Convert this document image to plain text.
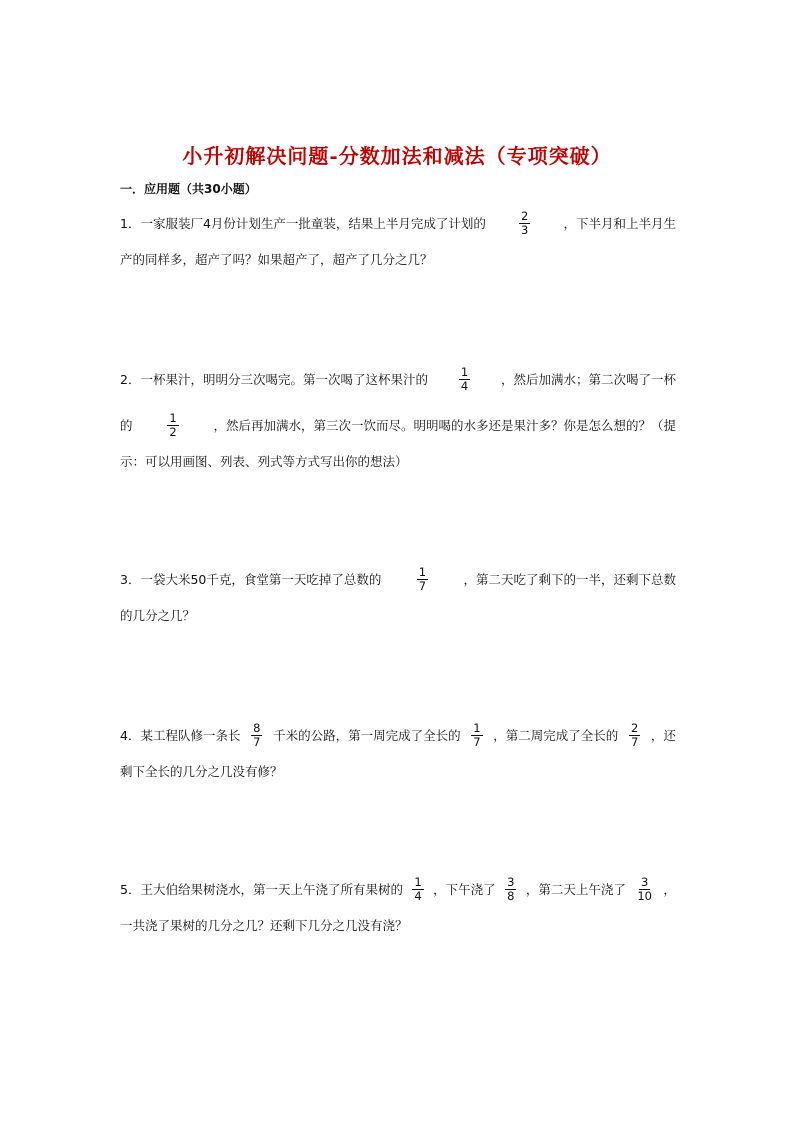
小升初解决问题-分数加法和减法（专项突破）
一．应用题（共30小题）
1．一家服装厂4月份计划生产一批童装，结果上半月完成了计划的	$\frac{2}{3}$	，下半月和上半月生
产的同样多，超产了吗？如果超产了，超产了几分之几？
2．一杯果汁，明明分三次喝完。第一次喝了这杯果汁的	$\frac{1}{4}$ ，然后加满水；第二次喝了一杯
的	$\frac{1}{2}$	，然后再加满水，第三次一饮而尽。明明喝的水多还是果汁多？你是怎么想的？（提
示：可以用画图、列表、列式等方式写出你的想法）
3．一袋大米50千克，食堂第一天吃掉了总数的	$\frac{1}{7}$	，第二天吃了剩下的一半，还剩下总数
的几分之几？
4．某工程队修一条长 $\frac{8}{7}$ 千米的公路，第一周完成了全长的 $\frac{1}{7}$ ，第二周完成了全长的 $\frac{2}{7}$ ，还
剩下全长的几分之几没有修？
5．王大伯给果树浇水，第一天上午浇了所有果树的 $\frac{1}{4}$ ，下午浇了 $\frac{3}{8}$ ，第二天上午浇了 $\frac{3}{10}$ ，
一共浇了果树的几分之几？还剩下几分之几没有浇？
